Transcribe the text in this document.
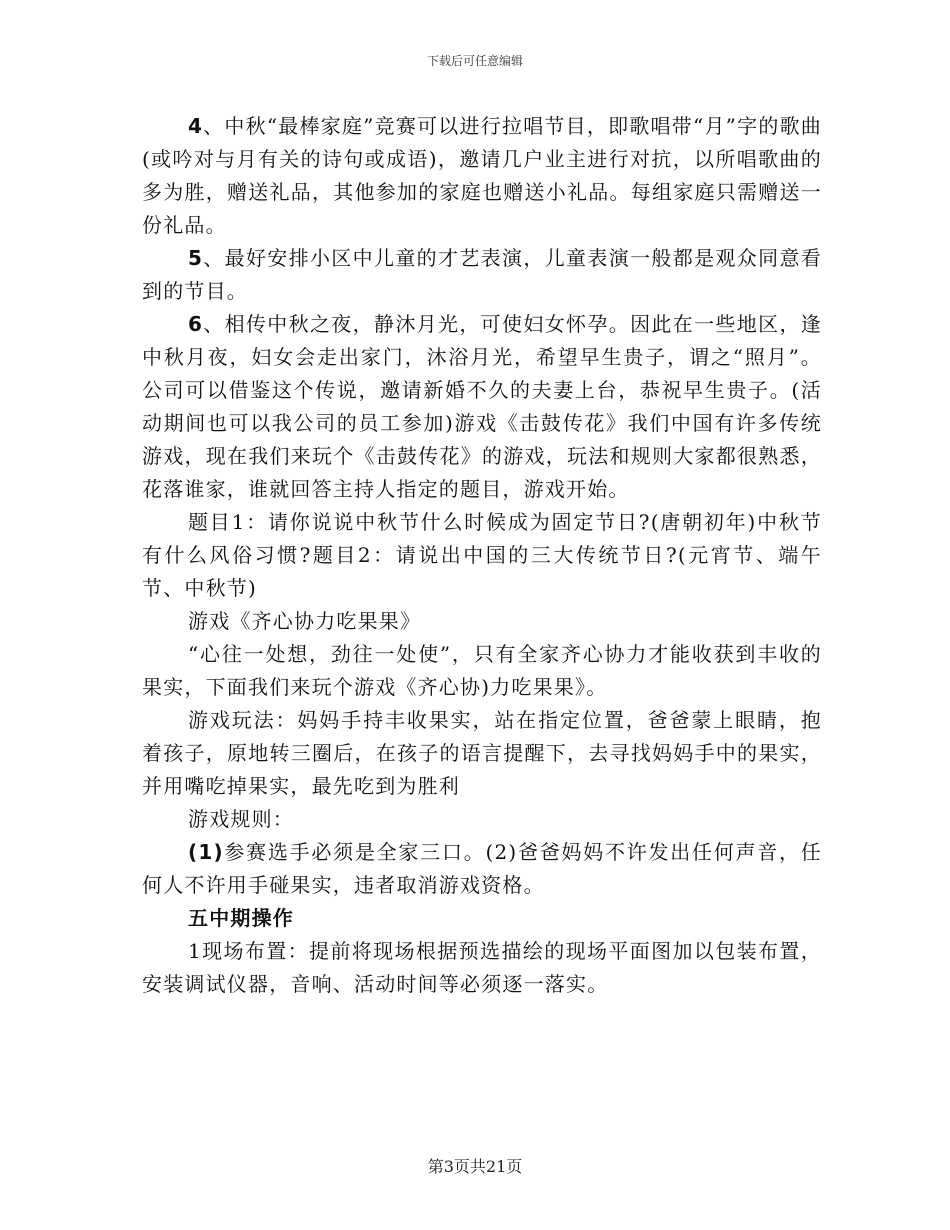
下载后可任意编辑

4、中秋“最棒家庭”竞赛可以进行拉唱节目，即歌唱带“月”字的歌曲(或吟对与月有关的诗句或成语)，邀请几户业主进行对抗，以所唱歌曲的多为胜，赠送礼品，其他参加的家庭也赠送小礼品。每组家庭只需赠送一份礼品。

5、最好安排小区中儿童的才艺表演，儿童表演一般都是观众同意看到的节目。

6、相传中秋之夜，静沐月光，可使妇女怀孕。因此在一些地区，逢中秋月夜，妇女会走出家门，沐浴月光，希望早生贵子，谓之“照月”。公司可以借鉴这个传说，邀请新婚不久的夫妻上台，恭祝早生贵子。(活动期间也可以我公司的员工参加)游戏《击鼓传花》我们中国有许多传统游戏，现在我们来玩个《击鼓传花》的游戏，玩法和规则大家都很熟悉，花落谁家，谁就回答主持人指定的题目，游戏开始。

题目1：请你说说中秋节什么时候成为固定节日?(唐朝初年)中秋节有什么风俗习惯?题目2：请说出中国的三大传统节日?(元宵节、端午节、中秋节)

游戏《齐心协力吃果果》

“心往一处想，劲往一处使”，只有全家齐心协力才能收获到丰收的果实，下面我们来玩个游戏《齐心协)力吃果果》。

游戏玩法：妈妈手持丰收果实，站在指定位置，爸爸蒙上眼睛，抱着孩子，原地转三圈后，在孩子的语言提醒下，去寻找妈妈手中的果实，并用嘴吃掉果实，最先吃到为胜利

游戏规则：

(1)参赛选手必须是全家三口。(2)爸爸妈妈不许发出任何声音，任何人不许用手碰果实，违者取消游戏资格。

五中期操作

1现场布置：提前将现场根据预选描绘的现场平面图加以包装布置，安装调试仪器，音响、活动时间等必须逐一落实。

第3页共21页
